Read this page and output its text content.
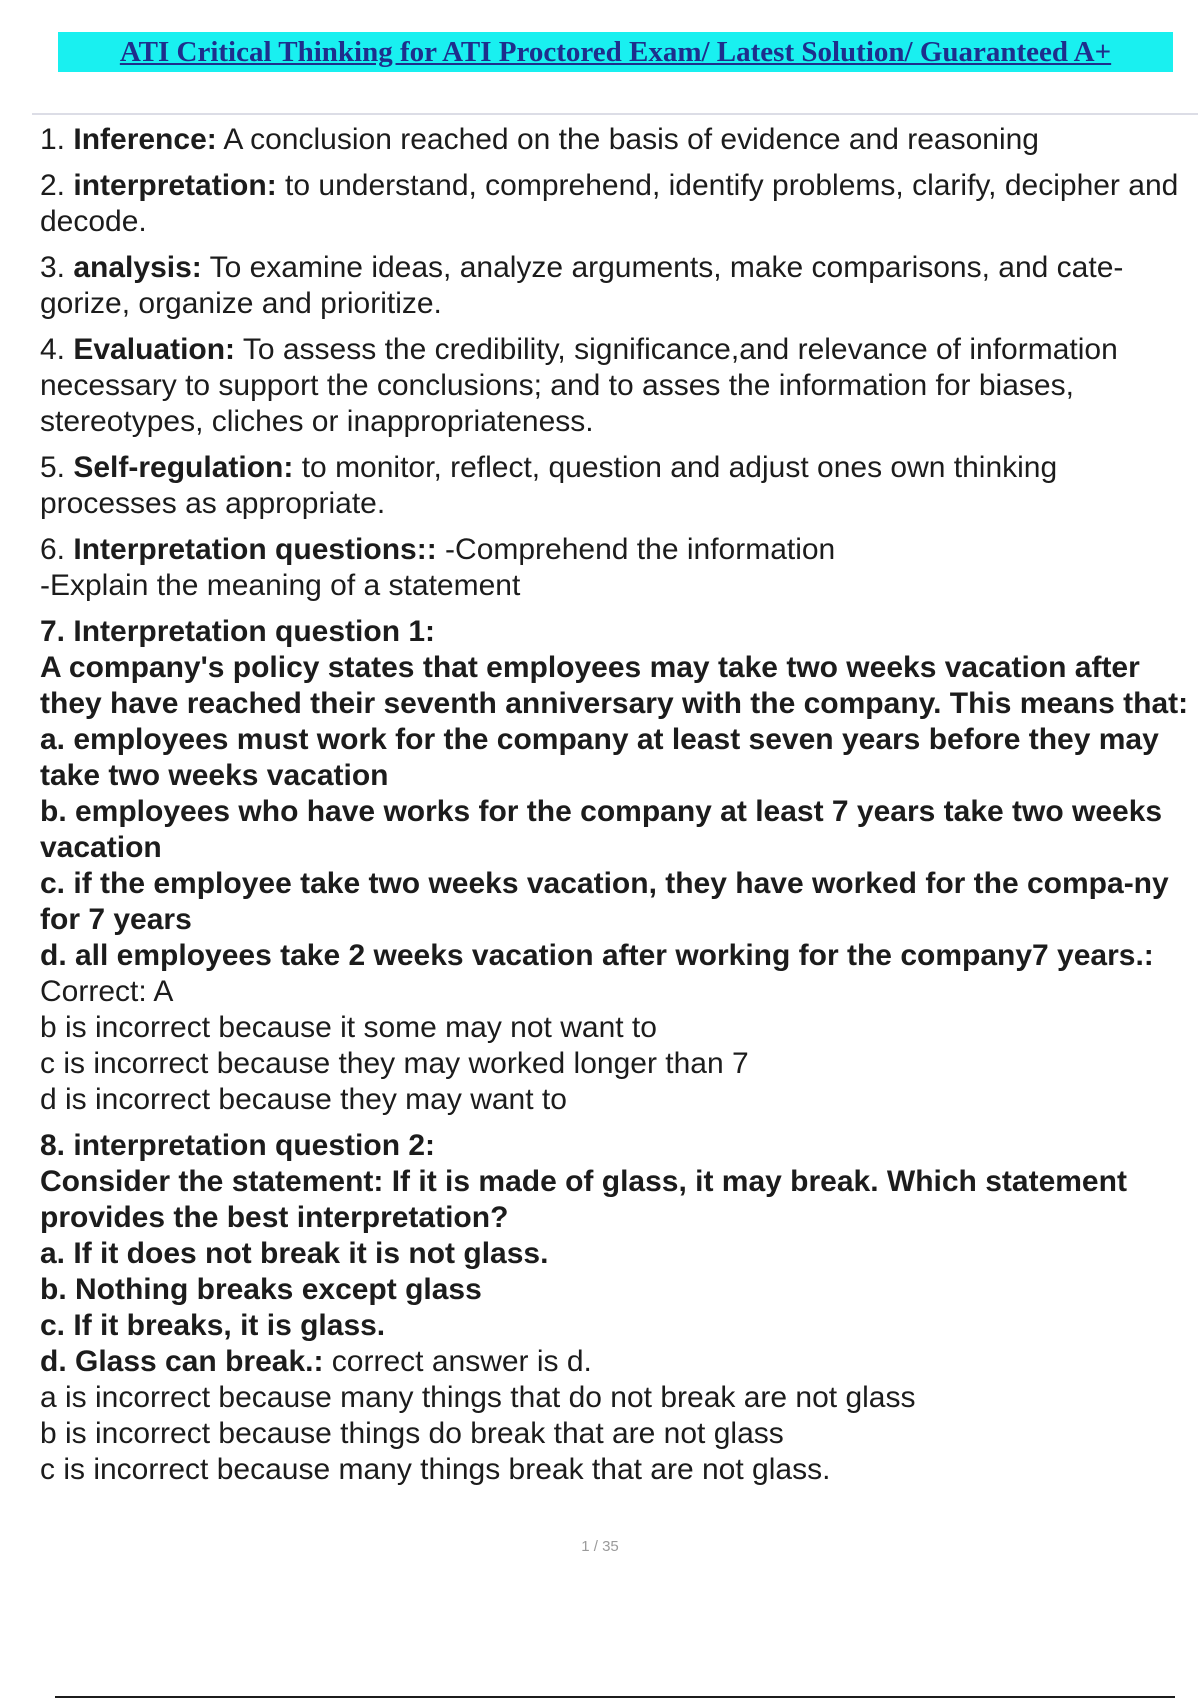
ATI Critical Thinking for ATI Proctored Exam/ Latest Solution/ Guaranteed A+
1. Inference: A conclusion reached on the basis of evidence and reasoning
2. interpretation: to understand, comprehend, identify problems, clarify, decipher and decode.
3. analysis: To examine ideas, analyze arguments, make comparisons, and cate-gorize, organize and prioritize.
4. Evaluation: To assess the credibility, significance,and relevance of information necessary to support the conclusions; and to asses the information for biases, stereotypes, cliches or inappropriateness.
5. Self-regulation: to monitor, reflect, question and adjust ones own thinking processes as appropriate.
6. Interpretation questions:: -Comprehend the information
-Explain the meaning of a statement
7. Interpretation question 1:
A company's policy states that employees may take two weeks vacation after they have reached their seventh anniversary with the company. This means that:
a. employees must work for the company at least seven years before they may take two weeks vacation
b. employees who have works for the company at least 7 years take two weeks vacation
c. if the employee take two weeks vacation, they have worked for the compa-ny for 7 years
d. all employees take 2 weeks vacation after working for the company7 years.: Correct: A
b is incorrect because it some may not want to
c is incorrect because they may worked longer than 7
d is incorrect because they may want to
8. interpretation question 2:
Consider the statement: If it is made of glass, it may break. Which statement provides the best interpretation?
a. If it does not break it is not glass.
b. Nothing breaks except glass
c. If it breaks, it is glass.
d. Glass can break.: correct answer is d.
a is incorrect because many things that do not break are not glass
b is incorrect because things do break that are not glass
c is incorrect because many things break that are not glass.
1 / 35
